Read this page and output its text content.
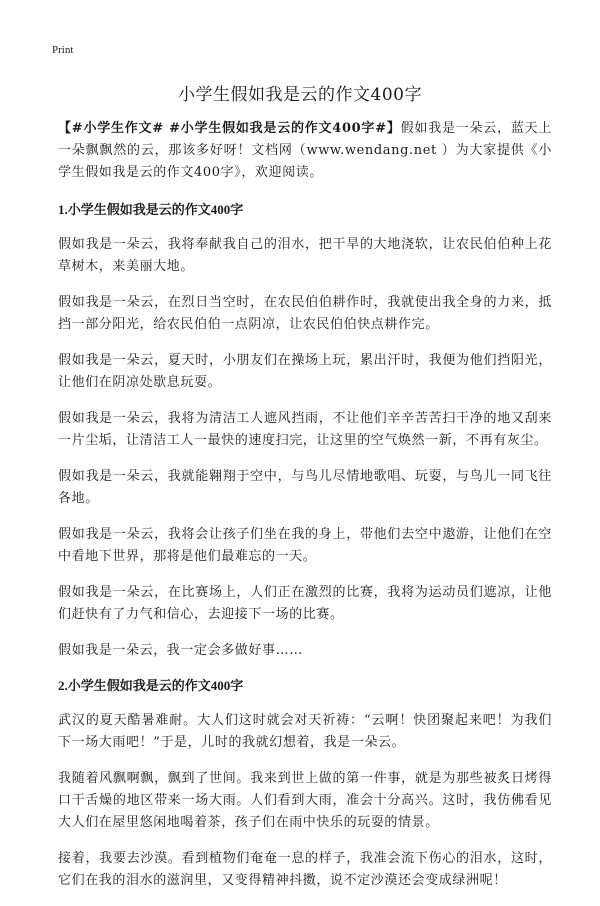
Print
小学生假如我是云的作文400字

【#小学生作文# #小学生假如我是云的作文400字#】假如我是一朵云，蓝天上一朵飘飘然的云，那该多好呀！文档网（www.wendang.net ）为大家提供《小学生假如我是云的作文400字》，欢迎阅读。

1.小学生假如我是云的作文400字

假如我是一朵云，我将奉献我自己的泪水，把干旱的大地浇软，让农民伯伯种上花草树木，来美丽大地。

假如我是一朵云，在烈日当空时，在农民伯伯耕作时，我就使出我全身的力来，抵挡一部分阳光，给农民伯伯一点阴凉，让农民伯伯快点耕作完。

假如我是一朵云，夏天时，小朋友们在操场上玩，累出汗时，我便为他们挡阳光，让他们在阴凉处歇息玩耍。

假如我是一朵云，我将为清洁工人遮风挡雨，不让他们辛辛苦苦扫干净的地又刮来一片尘垢，让清洁工人一最快的速度扫完，让这里的空气焕然一新，不再有灰尘。

假如我是一朵云，我就能翱翔于空中，与鸟儿尽情地歌唱、玩耍，与鸟儿一同飞往各地。

假如我是一朵云，我将会让孩子们坐在我的身上，带他们去空中遨游，让他们在空中看地下世界，那将是他们最难忘的一天。

假如我是一朵云，在比赛场上，人们正在激烈的比赛，我将为运动员们遮凉，让他们赶快有了力气和信心，去迎接下一场的比赛。

假如我是一朵云，我一定会多做好事……

2.小学生假如我是云的作文400字

武汉的夏天酷暑难耐。大人们这时就会对天祈祷：“云啊！快团聚起来吧！为我们下一场大雨吧！”于是，儿时的我就幻想着，我是一朵云。

我随着风飘啊飘，飘到了世间。我来到世上做的第一件事，就是为那些被炙日烤得口干舌燥的地区带来一场大雨。人们看到大雨，准会十分高兴。这时，我仿佛看见大人们在屋里悠闲地喝着茶，孩子们在雨中快乐的玩耍的情景。

接着，我要去沙漠。看到植物们奄奄一息的样子，我准会流下伤心的泪水，这时，它们在我的泪水的滋润里，又变得精神抖擞，说不定沙漠还会变成绿洲呢！
